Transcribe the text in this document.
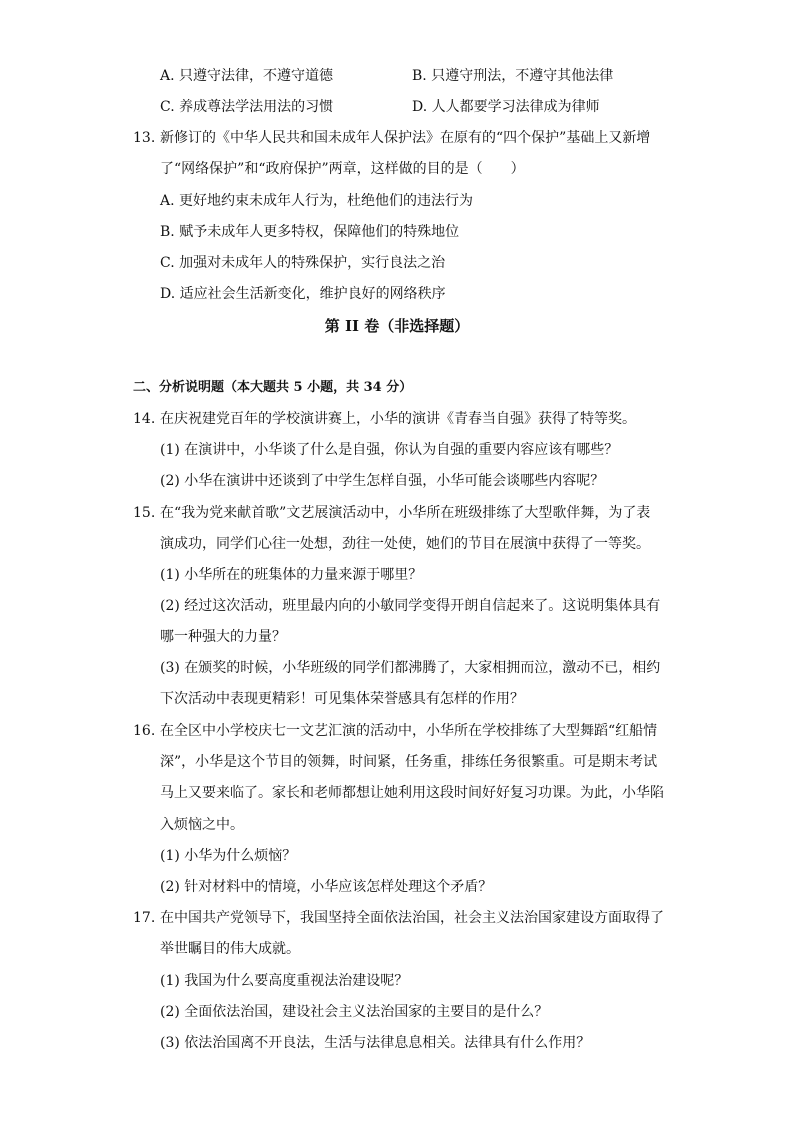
A. 只遵守法律，不遵守道德	B. 只遵守刑法，不遵守其他法律
C. 养成尊法学法用法的习惯	D. 人人都要学习法律成为律师
13. 新修订的《中华人民共和国未成年人保护法》在原有的“四个保护”基础上又新增
了“网络保护”和“政府保护”两章，这样做的目的是（　　）
A. 更好地约束未成年人行为，杜绝他们的违法行为
B. 赋予未成年人更多特权，保障他们的特殊地位
C. 加强对未成年人的特殊保护，实行良法之治
D. 适应社会生活新变化，维护良好的网络秩序
第 II 卷（非选择题）
二、分析说明题（本大题共 5 小题，共 34 分）
14. 在庆祝建党百年的学校演讲赛上，小华的演讲《青春当自强》获得了特等奖。
(1) 在演讲中，小华谈了什么是自强，你认为自强的重要内容应该有哪些？
(2) 小华在演讲中还谈到了中学生怎样自强，小华可能会谈哪些内容呢？
15. 在“我为党来献首歌”文艺展演活动中，小华所在班级排练了大型歌伴舞，为了表
演成功，同学们心往一处想，劲往一处使，她们的节目在展演中获得了一等奖。
(1) 小华所在的班集体的力量来源于哪里？
(2) 经过这次活动，班里最内向的小敏同学变得开朗自信起来了。这说明集体具有
哪一种强大的力量？
(3) 在颁奖的时候，小华班级的同学们都沸腾了，大家相拥而泣，激动不已，相约
下次活动中表现更精彩！可见集体荣誉感具有怎样的作用？
16. 在全区中小学校庆七一文艺汇演的活动中，小华所在学校排练了大型舞蹈“红船情
深”，小华是这个节目的领舞，时间紧，任务重，排练任务很繁重。可是期末考试
马上又要来临了。家长和老师都想让她利用这段时间好好复习功课。为此，小华陷
入烦恼之中。
(1) 小华为什么烦恼？
(2) 针对材料中的情境，小华应该怎样处理这个矛盾？
17. 在中国共产党领导下，我国坚持全面依法治国，社会主义法治国家建设方面取得了
举世瞩目的伟大成就。
(1) 我国为什么要高度重视法治建设呢？
(2) 全面依法治国，建设社会主义法治国家的主要目的是什么？
(3) 依法治国离不开良法，生活与法律息息相关。法律具有什么作用？
